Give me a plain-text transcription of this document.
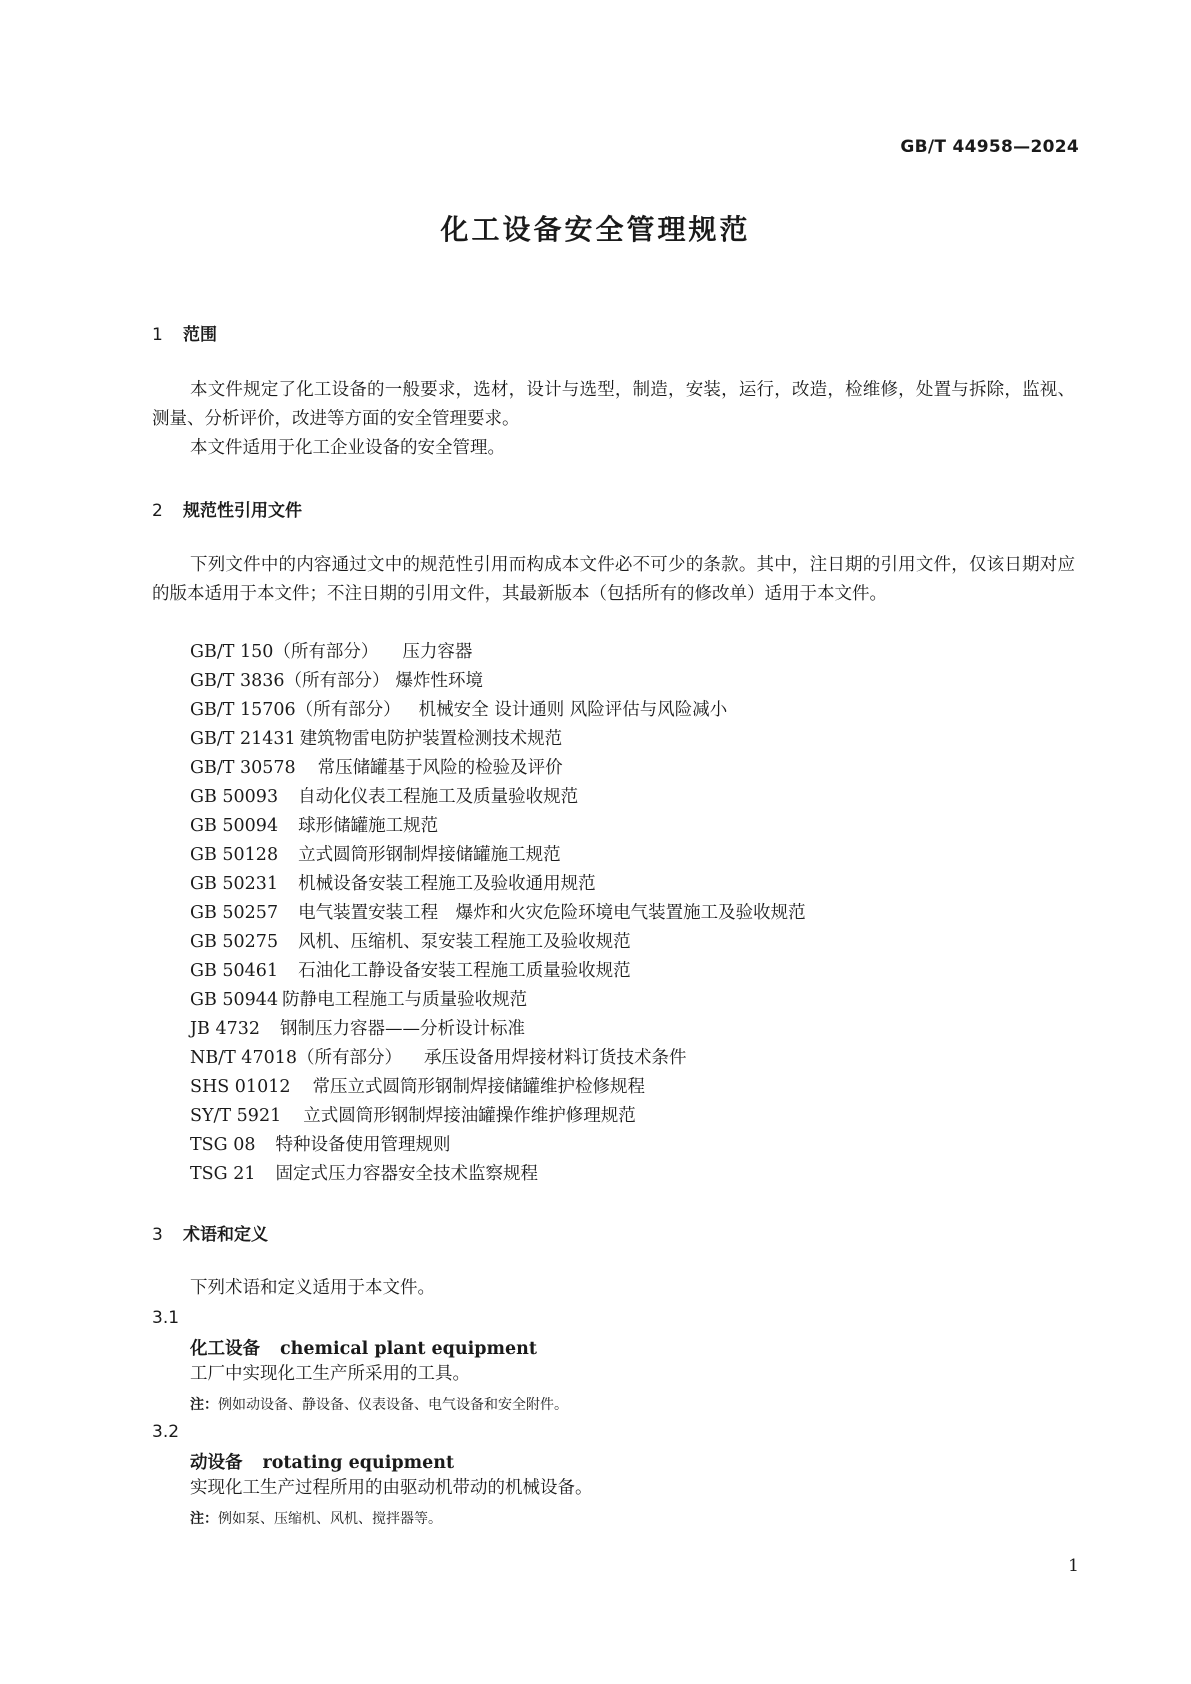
GB/T 44958—2024
化工设备安全管理规范
1 范围
本文件规定了化工设备的一般要求，选材，设计与选型，制造，安装，运行，改造，检维修，处置与拆除，监视、测量、分析评价，改进等方面的安全管理要求。
本文件适用于化工企业设备的安全管理。
2 规范性引用文件
下列文件中的内容通过文中的规范性引用而构成本文件必不可少的条款。其中，注日期的引用文件，仅该日期对应的版本适用于本文件；不注日期的引用文件，其最新版本（包括所有的修改单）适用于本文件。
GB/T 150（所有部分） 压力容器
GB/T 3836（所有部分） 爆炸性环境
GB/T 15706（所有部分） 机械安全 设计通则 风险评估与风险减小
GB/T 21431 建筑物雷电防护装置检测技术规范
GB/T 30578 常压储罐基于风险的检验及评价
GB 50093 自动化仪表工程施工及质量验收规范
GB 50094 球形储罐施工规范
GB 50128 立式圆筒形钢制焊接储罐施工规范
GB 50231 机械设备安装工程施工及验收通用规范
GB 50257 电气装置安装工程　爆炸和火灾危险环境电气装置施工及验收规范
GB 50275 风机、压缩机、泵安装工程施工及验收规范
GB 50461 石油化工静设备安装工程施工质量验收规范
GB 50944 防静电工程施工与质量验收规范
JB 4732 钢制压力容器——分析设计标准
NB/T 47018（所有部分） 承压设备用焊接材料订货技术条件
SHS 01012 常压立式圆筒形钢制焊接储罐维护检修规程
SY/T 5921 立式圆筒形钢制焊接油罐操作维护修理规范
TSG 08 特种设备使用管理规则
TSG 21 固定式压力容器安全技术监察规程
3 术语和定义
下列术语和定义适用于本文件。
3.1
化工设备 chemical plant equipment
工厂中实现化工生产所采用的工具。
注：例如动设备、静设备、仪表设备、电气设备和安全附件。
3.2
动设备 rotating equipment
实现化工生产过程所用的由驱动机带动的机械设备。
注：例如泵、压缩机、风机、搅拌器等。
1
